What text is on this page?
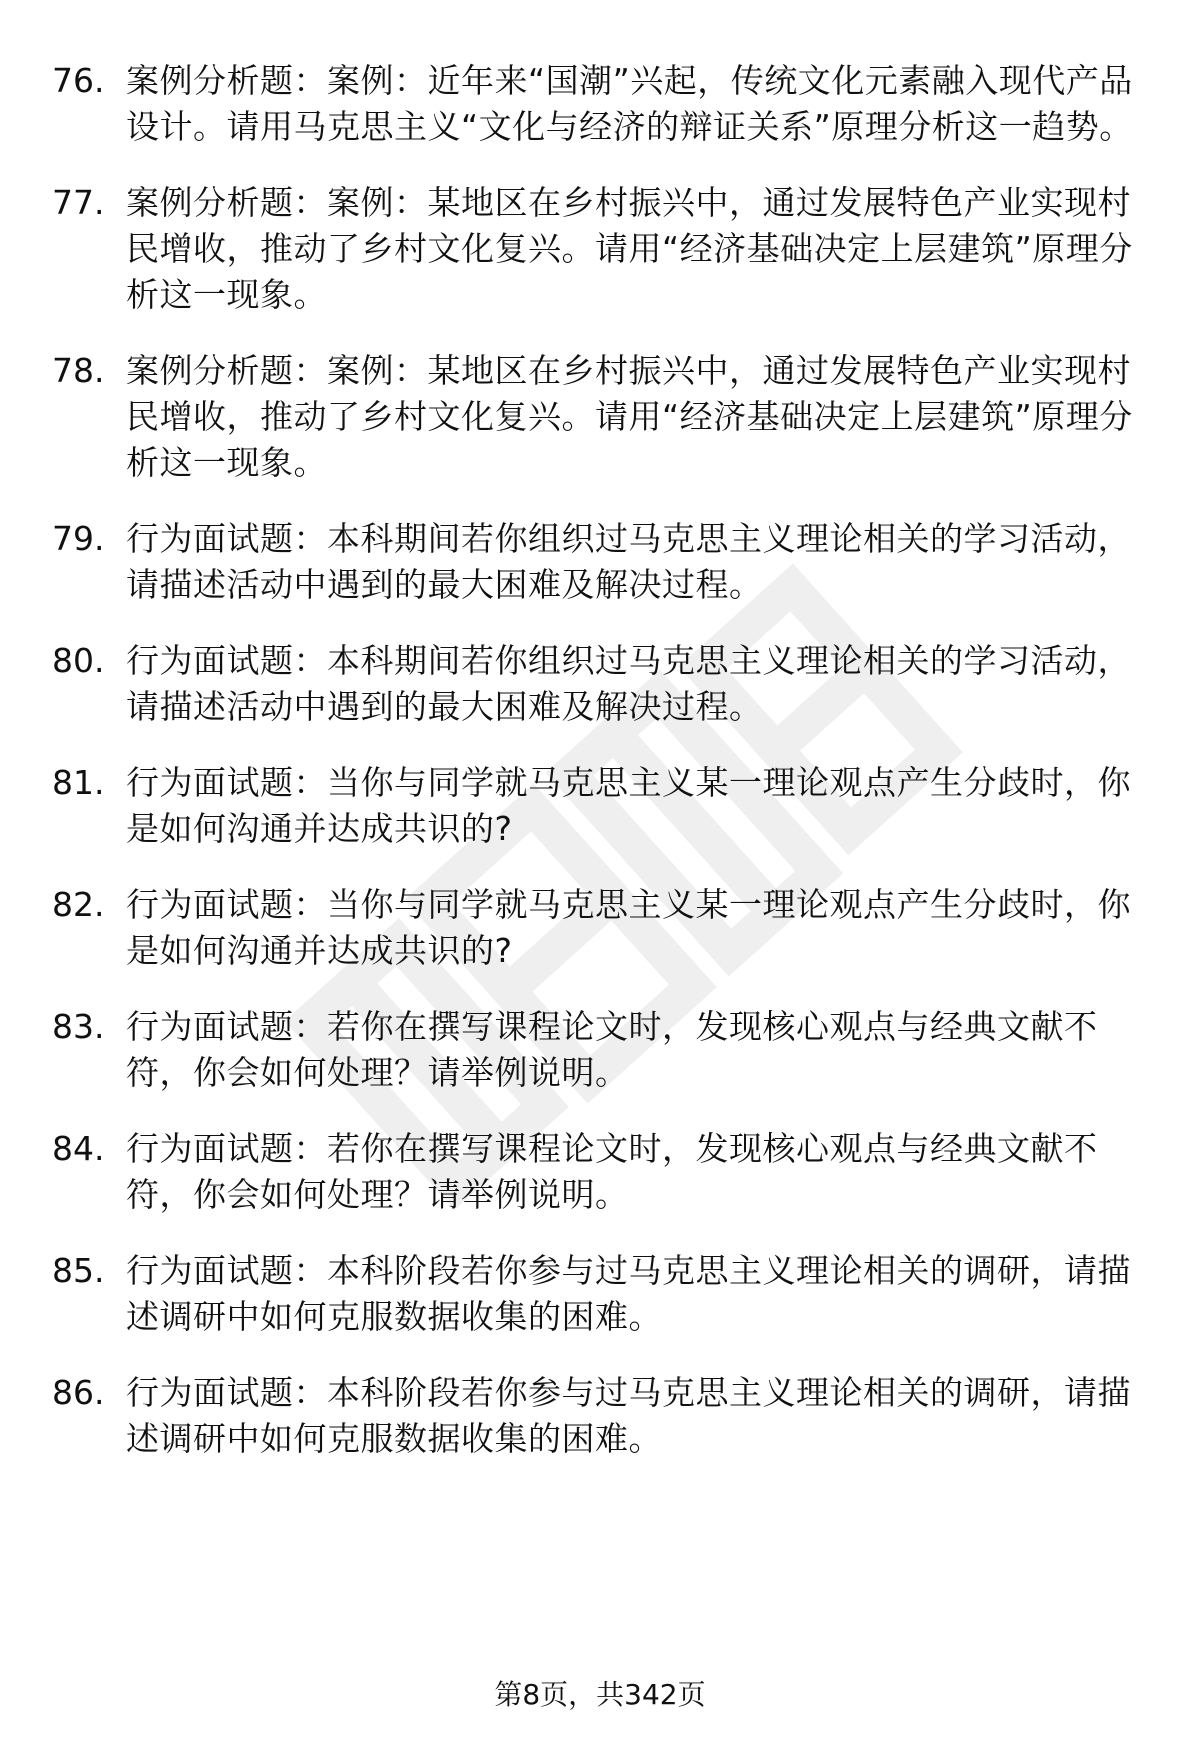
76. 案例分析题：案例：近年来“国潮”兴起，传统文化元素融入现代产品设计。请用马克思主义“文化与经济的辩证关系”原理分析这一趋势。
77. 案例分析题：案例：某地区在乡村振兴中，通过发展特色产业实现村民增收，推动了乡村文化复兴。请用“经济基础决定上层建筑”原理分析这一现象。
78. 案例分析题：案例：某地区在乡村振兴中，通过发展特色产业实现村民增收，推动了乡村文化复兴。请用“经济基础决定上层建筑”原理分析这一现象。
79. 行为面试题：本科期间若你组织过马克思主义理论相关的学习活动，请描述活动中遇到的最大困难及解决过程。
80. 行为面试题：本科期间若你组织过马克思主义理论相关的学习活动，请描述活动中遇到的最大困难及解决过程。
81. 行为面试题：当你与同学就马克思主义某一理论观点产生分歧时，你是如何沟通并达成共识的?
82. 行为面试题：当你与同学就马克思主义某一理论观点产生分歧时，你是如何沟通并达成共识的?
83. 行为面试题：若你在撰写课程论文时，发现核心观点与经典文献不符，你会如何处理？请举例说明。
84. 行为面试题：若你在撰写课程论文时，发现核心观点与经典文献不符，你会如何处理？请举例说明。
85. 行为面试题：本科阶段若你参与过马克思主义理论相关的调研，请描述调研中如何克服数据收集的困难。
86. 行为面试题：本科阶段若你参与过马克思主义理论相关的调研，请描述调研中如何克服数据收集的困难。
第8页，共342页
